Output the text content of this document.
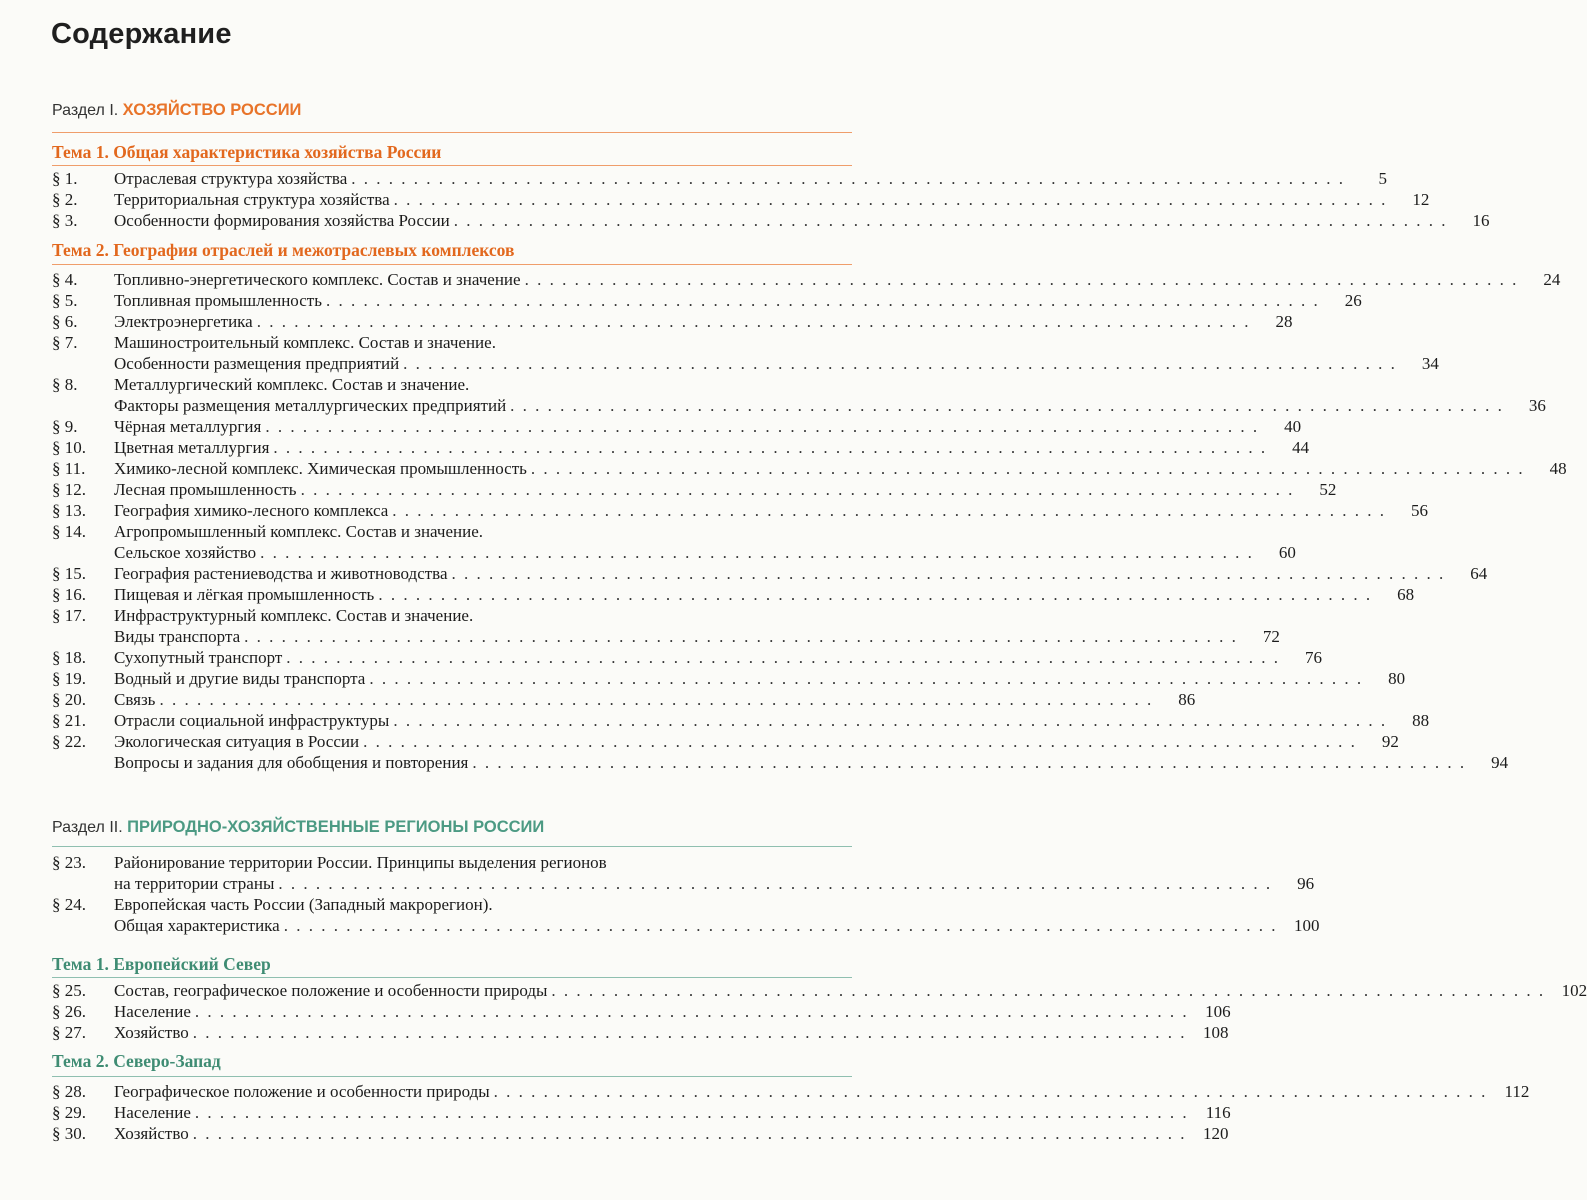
Содержание
Раздел I. ХОЗЯЙСТВО РОССИИ
Тема 1. Общая характеристика хозяйства России
§ 1.	Отраслевая структура хозяйства . . . . . . . . . . . . . . . . . . . . . . . . . . . . . . . . . . . . . . . . . . . . . . . . . . . . . . . . . . . . . . . . . . . . . . . . . . . . . . . .	5
§ 2.	Территориальная структура хозяйства . . . . . . . . . . . . . . . . . . . . . . . . . . . . . . . . . . . . . . . . . . . . . . . . . . . . . . . . . . . . . . . . . . . . . . . . . . . . . . . .	12
§ 3.	Особенности формирования хозяйства России . . . . . . . . . . . . . . . . . . . . . . . . . . . . . . . . . . . . . . . . . . . . . . . . . . . . . . . . . . . . . . . . . . . . . . . . . . . . . . . .	16
Тема 2. География отраслей и межотраслевых комплексов
§ 4.	Топливно-энергетического комплекс. Состав и значение . . . . . . . . . . . . . . . . . . . . . . . . . . . . . . . . . . . . . . . . . . . . . . . . . . . . . . . . . . . . . . . . . . . . . . . . . . . . . . . .	24
§ 5.	Топливная промышленность . . . . . . . . . . . . . . . . . . . . . . . . . . . . . . . . . . . . . . . . . . . . . . . . . . . . . . . . . . . . . . . . . . . . . . . . . . . . . . . .	26
§ 6.	Электроэнергетика . . . . . . . . . . . . . . . . . . . . . . . . . . . . . . . . . . . . . . . . . . . . . . . . . . . . . . . . . . . . . . . . . . . . . . . . . . . . . . . .	28
§ 7.	Машиностроительный комплекс. Состав и значение.
Особенности размещения предприятий . . . . . . . . . . . . . . . . . . . . . . . . . . . . . . . . . . . . . . . . . . . . . . . . . . . . . . . . . . . . . . . . . . . . . . . . . . . . . . . .	34
§ 8.	Металлургический комплекс. Состав и значение.
Факторы размещения металлургических предприятий . . . . . . . . . . . . . . . . . . . . . . . . . . . . . . . . . . . . . . . . . . . . . . . . . . . . . . . . . . . . . . . . . . . . . . . . . . . . . . . .	36
§ 9.	Чёрная металлургия . . . . . . . . . . . . . . . . . . . . . . . . . . . . . . . . . . . . . . . . . . . . . . . . . . . . . . . . . . . . . . . . . . . . . . . . . . . . . . . .	40
§ 10.	Цветная металлургия . . . . . . . . . . . . . . . . . . . . . . . . . . . . . . . . . . . . . . . . . . . . . . . . . . . . . . . . . . . . . . . . . . . . . . . . . . . . . . . .	44
§ 11.	Химико-лесной комплекс. Химическая промышленность . . . . . . . . . . . . . . . . . . . . . . . . . . . . . . . . . . . . . . . . . . . . . . . . . . . . . . . . . . . . . . . . . . . . . . . . . . . . . . . .	48
§ 12.	Лесная промышленность . . . . . . . . . . . . . . . . . . . . . . . . . . . . . . . . . . . . . . . . . . . . . . . . . . . . . . . . . . . . . . . . . . . . . . . . . . . . . . . .	52
§ 13.	География химико-лесного комплекса . . . . . . . . . . . . . . . . . . . . . . . . . . . . . . . . . . . . . . . . . . . . . . . . . . . . . . . . . . . . . . . . . . . . . . . . . . . . . . . .	56
§ 14.	Агропромышленный комплекс. Состав и значение.
Сельское хозяйство . . . . . . . . . . . . . . . . . . . . . . . . . . . . . . . . . . . . . . . . . . . . . . . . . . . . . . . . . . . . . . . . . . . . . . . . . . . . . . . .	60
§ 15.	География растениеводства и животноводства . . . . . . . . . . . . . . . . . . . . . . . . . . . . . . . . . . . . . . . . . . . . . . . . . . . . . . . . . . . . . . . . . . . . . . . . . . . . . . . .	64
§ 16.	Пищевая и лёгкая промышленность . . . . . . . . . . . . . . . . . . . . . . . . . . . . . . . . . . . . . . . . . . . . . . . . . . . . . . . . . . . . . . . . . . . . . . . . . . . . . . . .	68
§ 17.	Инфраструктурный комплекс. Состав и значение.
Виды транспорта . . . . . . . . . . . . . . . . . . . . . . . . . . . . . . . . . . . . . . . . . . . . . . . . . . . . . . . . . . . . . . . . . . . . . . . . . . . . . . . .	72
§ 18.	Сухопутный транспорт . . . . . . . . . . . . . . . . . . . . . . . . . . . . . . . . . . . . . . . . . . . . . . . . . . . . . . . . . . . . . . . . . . . . . . . . . . . . . . . .	76
§ 19.	Водный и другие виды транспорта . . . . . . . . . . . . . . . . . . . . . . . . . . . . . . . . . . . . . . . . . . . . . . . . . . . . . . . . . . . . . . . . . . . . . . . . . . . . . . . .	80
§ 20.	Связь . . . . . . . . . . . . . . . . . . . . . . . . . . . . . . . . . . . . . . . . . . . . . . . . . . . . . . . . . . . . . . . . . . . . . . . . . . . . . . . .	86
§ 21.	Отрасли социальной инфраструктуры . . . . . . . . . . . . . . . . . . . . . . . . . . . . . . . . . . . . . . . . . . . . . . . . . . . . . . . . . . . . . . . . . . . . . . . . . . . . . . . .	88
§ 22.	Экологическая ситуация в России . . . . . . . . . . . . . . . . . . . . . . . . . . . . . . . . . . . . . . . . . . . . . . . . . . . . . . . . . . . . . . . . . . . . . . . . . . . . . . . .	92
Вопросы и задания для обобщения и повторения . . . . . . . . . . . . . . . . . . . . . . . . . . . . . . . . . . . . . . . . . . . . . . . . . . . . . . . . . . . . . . . . . . . . . . . . . . . . . . . .	94
Раздел II. ПРИРОДНО-ХОЗЯЙСТВЕННЫЕ РЕГИОНЫ РОССИИ
§ 23.	Районирование территории России. Принципы выделения регионов
на территории страны . . . . . . . . . . . . . . . . . . . . . . . . . . . . . . . . . . . . . . . . . . . . . . . . . . . . . . . . . . . . . . . . . . . . . . . . . . . . . . . .	96
§ 24.	Европейская часть России (Западный макрорегион).
Общая характеристика . . . . . . . . . . . . . . . . . . . . . . . . . . . . . . . . . . . . . . . . . . . . . . . . . . . . . . . . . . . . . . . . . . . . . . . . . . . . . . . . 100
Тема 1. Европейский Север
§ 25.	Состав, географическое положение и особенности природы . . . . . . . . . . . . . . . . . . . . . . . . . . . . . . . . . . . . . . . . . . . . . . . . . . . . . . . . . . . . . . . . . . . . . . . . . . . . . . . . 102
§ 26.	Население . . . . . . . . . . . . . . . . . . . . . . . . . . . . . . . . . . . . . . . . . . . . . . . . . . . . . . . . . . . . . . . . . . . . . . . . . . . . . . . . 106
§ 27.	Хозяйство . . . . . . . . . . . . . . . . . . . . . . . . . . . . . . . . . . . . . . . . . . . . . . . . . . . . . . . . . . . . . . . . . . . . . . . . . . . . . . . . 108
Тема 2. Северо-Запад
§ 28.	Географическое положение и особенности природы . . . . . . . . . . . . . . . . . . . . . . . . . . . . . . . . . . . . . . . . . . . . . . . . . . . . . . . . . . . . . . . . . . . . . . . . . . . . . . . .	112
§ 29.	Население . . . . . . . . . . . . . . . . . . . . . . . . . . . . . . . . . . . . . . . . . . . . . . . . . . . . . . . . . . . . . . . . . . . . . . . . . . . . . . . .	116
§ 30.	Хозяйство . . . . . . . . . . . . . . . . . . . . . . . . . . . . . . . . . . . . . . . . . . . . . . . . . . . . . . . . . . . . . . . . . . . . . . . . . . . . . . . . 120
